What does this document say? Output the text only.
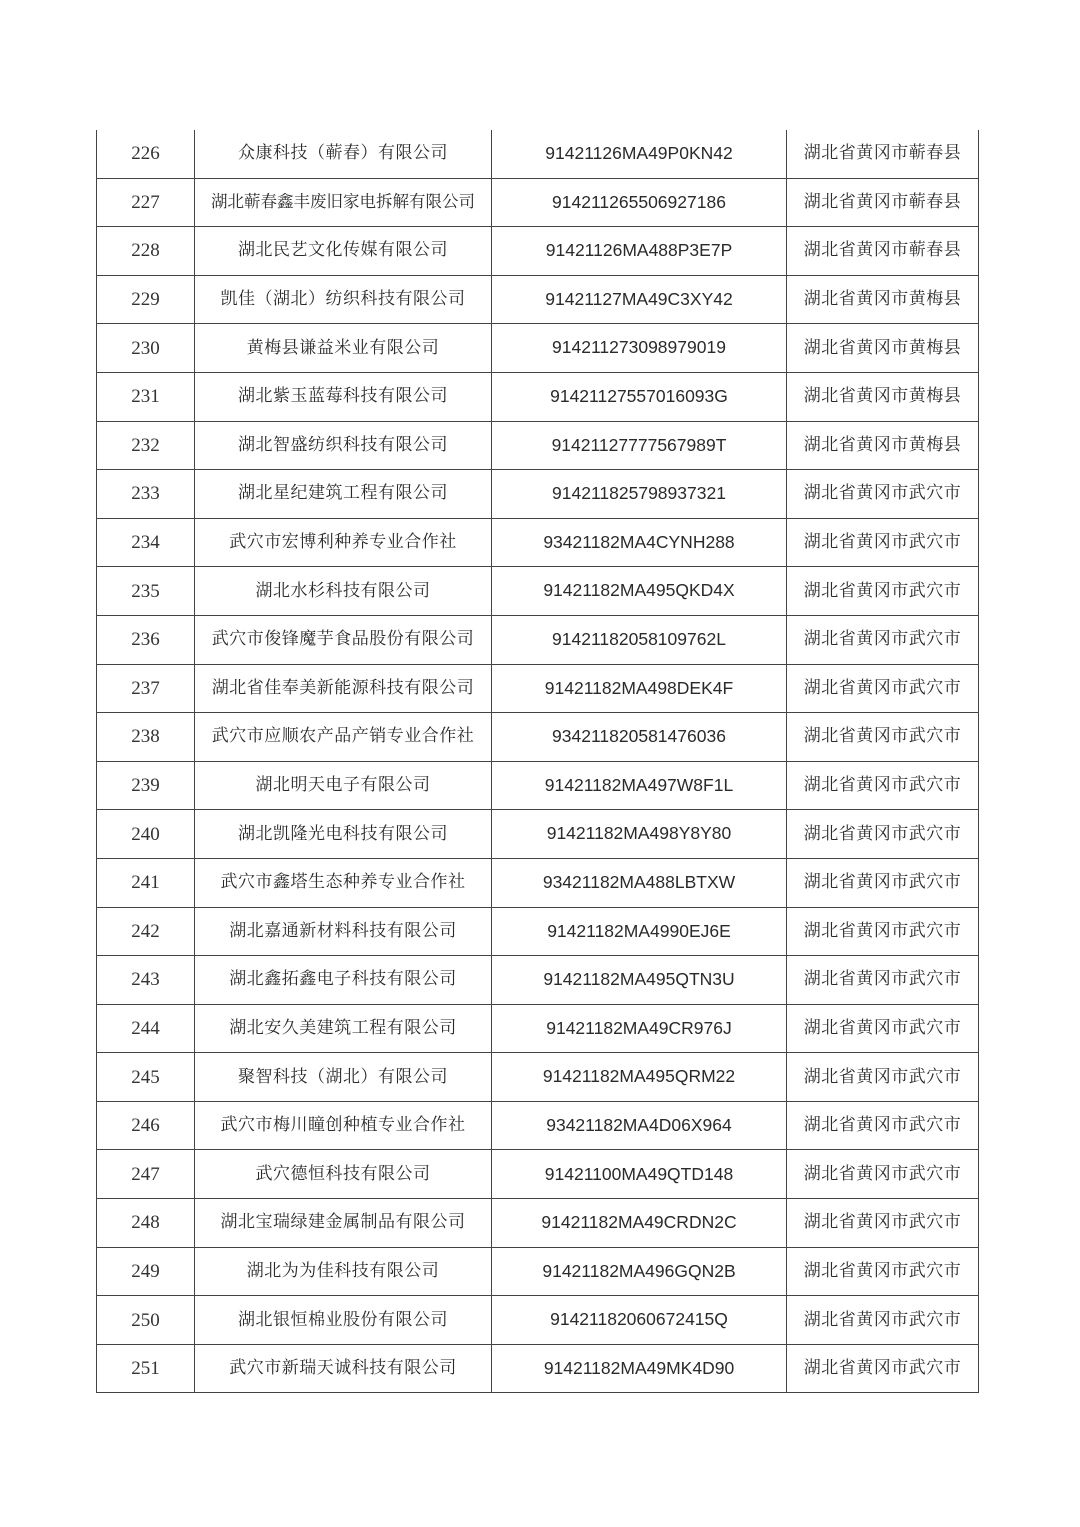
226	众康科技（蕲春）有限公司	91421126MA49P0KN42	湖北省黄冈市蕲春县
227	湖北蕲春鑫丰废旧家电拆解有限公司	914211265506927186	湖北省黄冈市蕲春县
228	湖北民艺文化传媒有限公司	91421126MA488P3E7P	湖北省黄冈市蕲春县
229	凯佳（湖北）纺织科技有限公司	91421127MA49C3XY42	湖北省黄冈市黄梅县
230	黄梅县谦益米业有限公司	914211273098979019	湖北省黄冈市黄梅县
231	湖北紫玉蓝莓科技有限公司	91421127557016093G	湖北省黄冈市黄梅县
232	湖北智盛纺织科技有限公司	91421127777567989T	湖北省黄冈市黄梅县
233	湖北星纪建筑工程有限公司	914211825798937321	湖北省黄冈市武穴市
234	武穴市宏博利种养专业合作社	93421182MA4CYNH288	湖北省黄冈市武穴市
235	湖北水杉科技有限公司	91421182MA495QKD4X	湖北省黄冈市武穴市
236	武穴市俊锋魔芋食品股份有限公司	91421182058109762L	湖北省黄冈市武穴市
237	湖北省佳奉美新能源科技有限公司	91421182MA498DEK4F	湖北省黄冈市武穴市
238	武穴市应顺农产品产销专业合作社	934211820581476036	湖北省黄冈市武穴市
239	湖北明天电子有限公司	91421182MA497W8F1L	湖北省黄冈市武穴市
240	湖北凯隆光电科技有限公司	91421182MA498Y8Y80	湖北省黄冈市武穴市
241	武穴市鑫塔生态种养专业合作社	93421182MA488LBTXW	湖北省黄冈市武穴市
242	湖北嘉通新材料科技有限公司	91421182MA4990EJ6E	湖北省黄冈市武穴市
243	湖北鑫拓鑫电子科技有限公司	91421182MA495QTN3U	湖北省黄冈市武穴市
244	湖北安久美建筑工程有限公司	91421182MA49CR976J	湖北省黄冈市武穴市
245	聚智科技（湖北）有限公司	91421182MA495QRM22	湖北省黄冈市武穴市
246	武穴市梅川瞳创种植专业合作社	93421182MA4D06X964	湖北省黄冈市武穴市
247	武穴德恒科技有限公司	91421100MA49QTD148	湖北省黄冈市武穴市
248	湖北宝瑞绿建金属制品有限公司	91421182MA49CRDN2C	湖北省黄冈市武穴市
249	湖北为为佳科技有限公司	91421182MA496GQN2B	湖北省黄冈市武穴市
250	湖北银恒棉业股份有限公司	91421182060672415Q	湖北省黄冈市武穴市
251	武穴市新瑞天诚科技有限公司	91421182MA49MK4D90	湖北省黄冈市武穴市
